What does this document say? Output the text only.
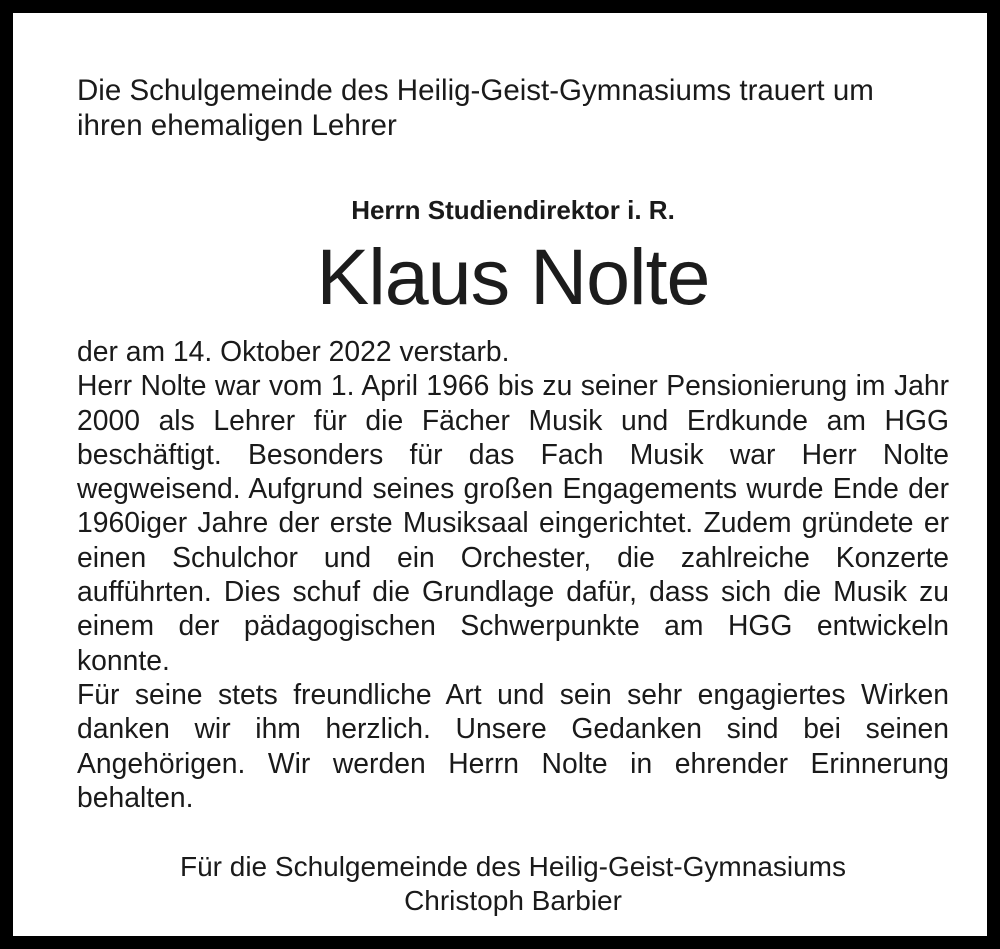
Die Schulgemeinde des Heilig-Geist-Gymnasiums trauert um
ihren ehemaligen Lehrer

Herrn Studiendirektor i. R.
Klaus Nolte

der am 14. Oktober 2022 verstarb.

Herr Nolte war vom 1. April 1966 bis zu seiner Pensionierung im Jahr 2000 als Lehrer für die Fächer Musik und Erdkunde am HGG beschäftigt. Besonders für das Fach Musik war Herr Nolte wegweisend. Aufgrund seines großen Engagements wurde Ende der 1960iger Jahre der erste Musiksaal eingerichtet. Zudem gründete er einen Schulchor und ein Orchester, die zahlreiche Konzerte aufführten. Dies schuf die Grundlage dafür, dass sich die Musik zu einem der pädagogischen Schwerpunkte am HGG entwickeln konnte.

Für seine stets freundliche Art und sein sehr engagiertes Wirken danken wir ihm herzlich. Unsere Gedanken sind bei seinen Angehörigen. Wir werden Herrn Nolte in ehrender Erinnerung behalten.

Für die Schulgemeinde des Heilig-Geist-Gymnasiums
Christoph Barbier
